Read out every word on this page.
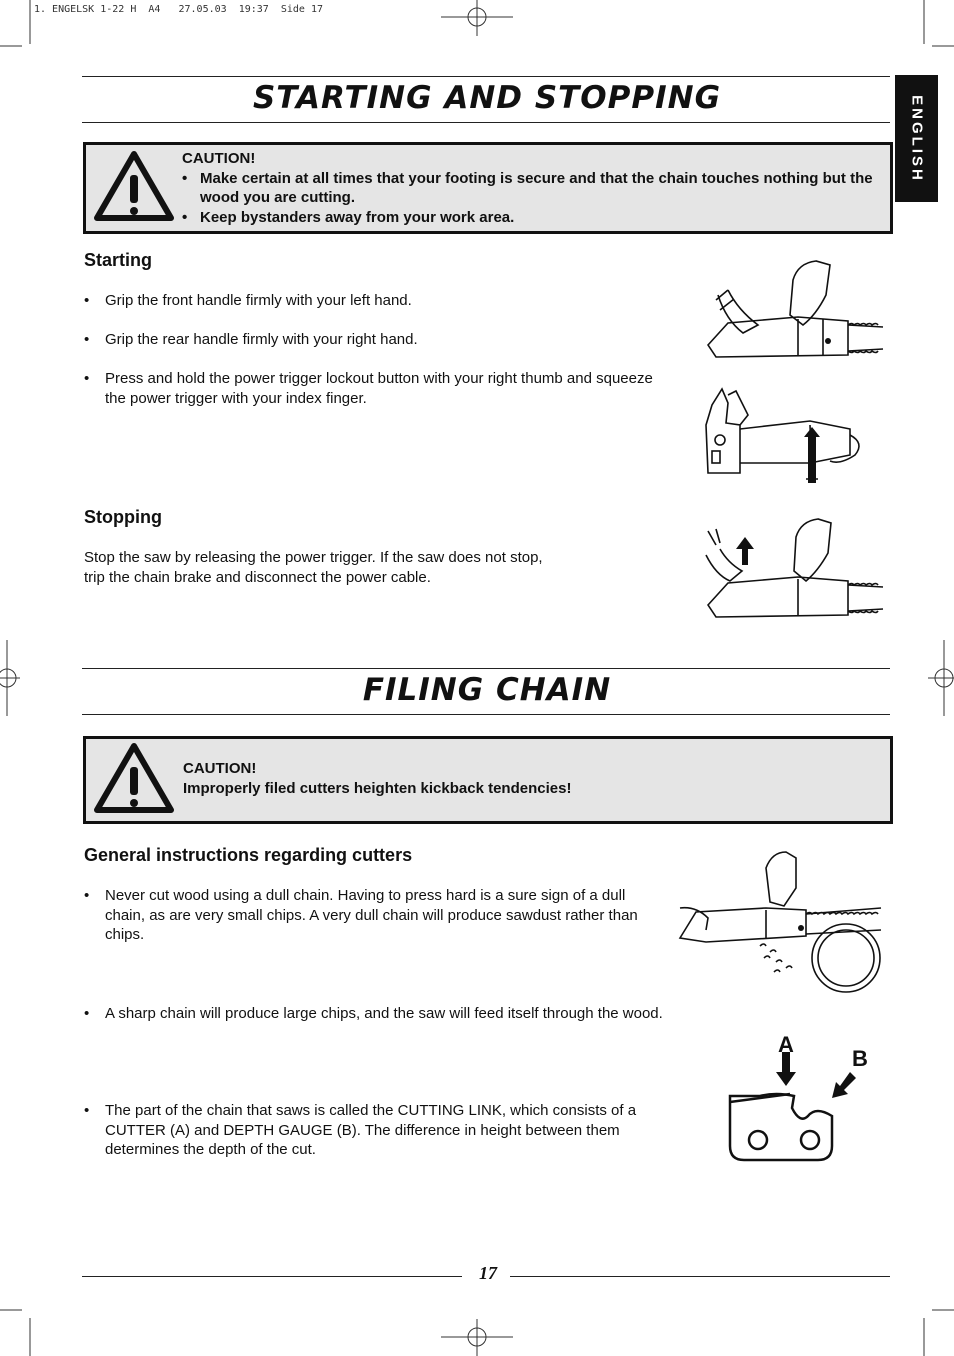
1. ENGELSK 1-22 H  A4   27.05.03  19:37  Side 17
ENGLISH
STARTING AND STOPPING
CAUTION!
• Make certain at all times that your footing is secure and that the chain touches nothing but the wood you are cutting.
• Keep bystanders away from your work area.
Starting
•	Grip the front handle firmly with your left hand.
•	Grip the rear handle firmly with your right hand.
•	Press and hold the power trigger lockout button with your right thumb and squeeze the power trigger with your index finger.
Stopping
Stop the saw by releasing the power trigger. If the saw does not stop,
trip the chain brake and disconnect the power cable.
FILING CHAIN
CAUTION!
Improperly filed cutters heighten kickback tendencies!
General instructions regarding cutters
•	Never cut wood using a dull chain. Having to press hard is a sure sign of a dull chain, as are very small chips. A very dull chain will produce sawdust rather than chips.
•	A sharp chain will produce large chips, and the saw will feed itself through the wood.
•	The part of the chain that saws is called the CUTTING LINK, which consists of a CUTTER (A) and DEPTH GAUGE (B). The difference in height between them determines the depth of the cut.
A
B
17
